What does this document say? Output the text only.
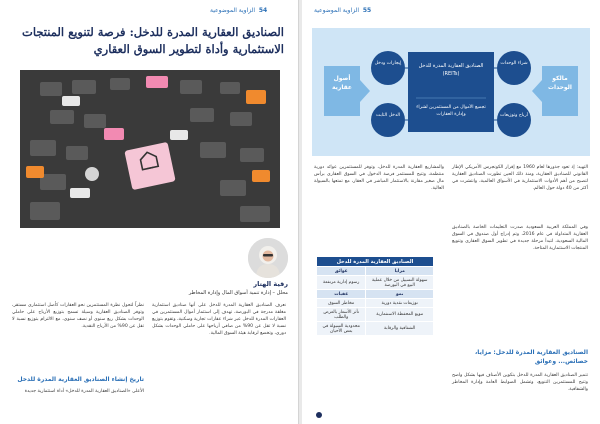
54  الزاوية الموضوعية
الصناديق العقارية المدرة للدخل: فرصة لتنويع المنتجات الاستثمارية وأداة لتطوير السوق العقاري
رقية الهتار
محلل – إدارة تنمية أسواق المال وإدارة المخاطر
نعرف الصناديق العقارية المدرة للدخل على أنها صناديق استثمارية مغلقة مدرجة في البورصة، تهدف إلى استثمار أموال المستثمرين في العقارات المدرة للدخل عبر شراء عقارات تجارية وسكنية، وتقوم بتوزيع نسبة لا تقل عن 90% من صافي أرباحها على حاملي الوحدات بشكل دوري، وتخضع لرقابة هيئة السوق المالية.
نظراً لتحول نظرة المستثمرين نحو العقارات كأصل استثماري مستقر، وتوفر الصناديق العقارية وسيلة تسمح بتوزيع الأرباح على حاملي الوحدات بشكل ربع سنوي أو نصف سنوي، مع الالتزام بتوزيع نسبة لا تقل عن 90% من الأرباح النقدية.
تاريخ إنشاء الصناديق العقارية المدرة للدخل
الأعلى «الصناديق العقارية المدرة للدخل» أداة استثمارية جديدة
55  الزاوية الموضوعية
أصول عقارية
مالكو الوحدات
الصناديق العقارية المدرة للدخل (REITs)
تجميع الأموال من المستثمرين لشراء وإدارة العقارات
إيجارات ودخل
الدخل الثابت
شراء الوحدات
أرباح وتوزيعات
التهيد: إذ تعود جذورها لعام 1960 مع إقرار الكونجرس الأمريكي الإطار القانوني للصناديق العقارية، ومنذ ذلك الحين تطورت الصناديق العقارية لتصبح من أهم الأدوات الاستثمارية في الأسواق العالمية، وانتشرت في أكثر من 40 دولة حول العالم.
والمشاريع العقارية المدرة للدخل، وتوفر للمستثمرين عوائد دورية منتظمة، وتتيح للمستثمر فرصة الدخول في السوق العقاري برأس مال صغير مقارنة بالاستثمار المباشر في العقار، مع تمتعها بالسيولة العالية.
وفي المملكة العربية السعودية صدرت التعليمات الخاصة بالصناديق العقارية المتداولة في عام 2016، وتم إدراج أول صندوق في السوق المالية السعودية، لتبدأ مرحلة جديدة في تطوير السوق العقاري وتنويع المنتجات الاستثمارية المتاحة.
الصناديق العقارية المدرة للدخل	
مزايا	عوائق
سهولة التسييل من خلال عملية البيع في البورصة	رسوم إدارية مرتفعة
نمو	عقبات
توزيعات نقدية دورية	مخاطر السوق
تنويع المحفظة الاستثمارية	تأثر الأسعار بالعرض والطلب
الشفافية والرقابة	محدودية السيولة في بعض الأحيان
الصناديق العقارية المدرة للدخل: مزايا، خصائص... وعوائق
تتميز الصناديق العقارية المدرة للدخل بتكوين الأصناف فيها بشكل واضح وتتيح للمستثمرين التنويع، وتشمل الضوابط العامة وإدارة المخاطر والشفافية.
